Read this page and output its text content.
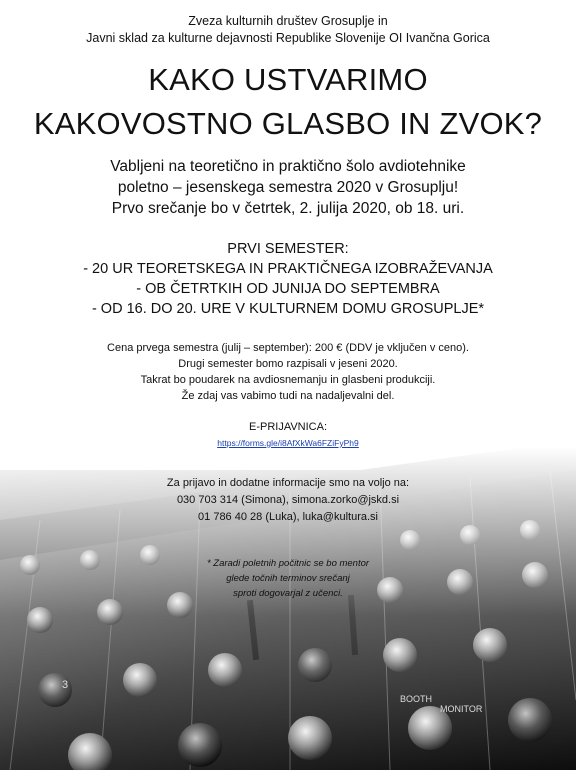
3
BOOTH
MONITOR
Zveza kulturnih društev Grosuplje in
Javni sklad za kulturne dejavnosti Republike Slovenije OI Ivančna Gorica
KAKO USTVARIMO
KAKOVOSTNO GLASBO IN ZVOK?
Vabljeni na teoretično in praktično šolo avdiotehnike
poletno – jesenskega semestra 2020 v Grosuplju!
Prvo srečanje bo v četrtek, 2. julija 2020, ob 18. uri.
PRVI SEMESTER:
- 20 UR TEORETSKEGA IN PRAKTIČNEGA IZOBRAŽEVANJA
- OB ČETRTKIH OD JUNIJA DO SEPTEMBRA
- OD 16. DO 20. URE V KULTURNEM DOMU GROSUPLJE*
Cena prvega semestra (julij – september): 200 € (DDV je vključen v ceno).
Drugi semester bomo razpisali v jeseni 2020.
Takrat bo poudarek na avdiosnemanju in glasbeni produkciji.
Že zdaj vas vabimo tudi na nadaljevalni del.
E-PRIJAVNICA:
https://forms.gle/i8AfXkWa6FZiFyPh9
Za prijavo in dodatne informacije smo na voljo na:
030 703 314 (Simona), simona.zorko@jskd.si
01 786 40 28 (Luka), luka@kultura.si
* Zaradi poletnih počitnic se bo mentor
glede točnih terminov srečanj
sproti dogovarjal z učenci.
